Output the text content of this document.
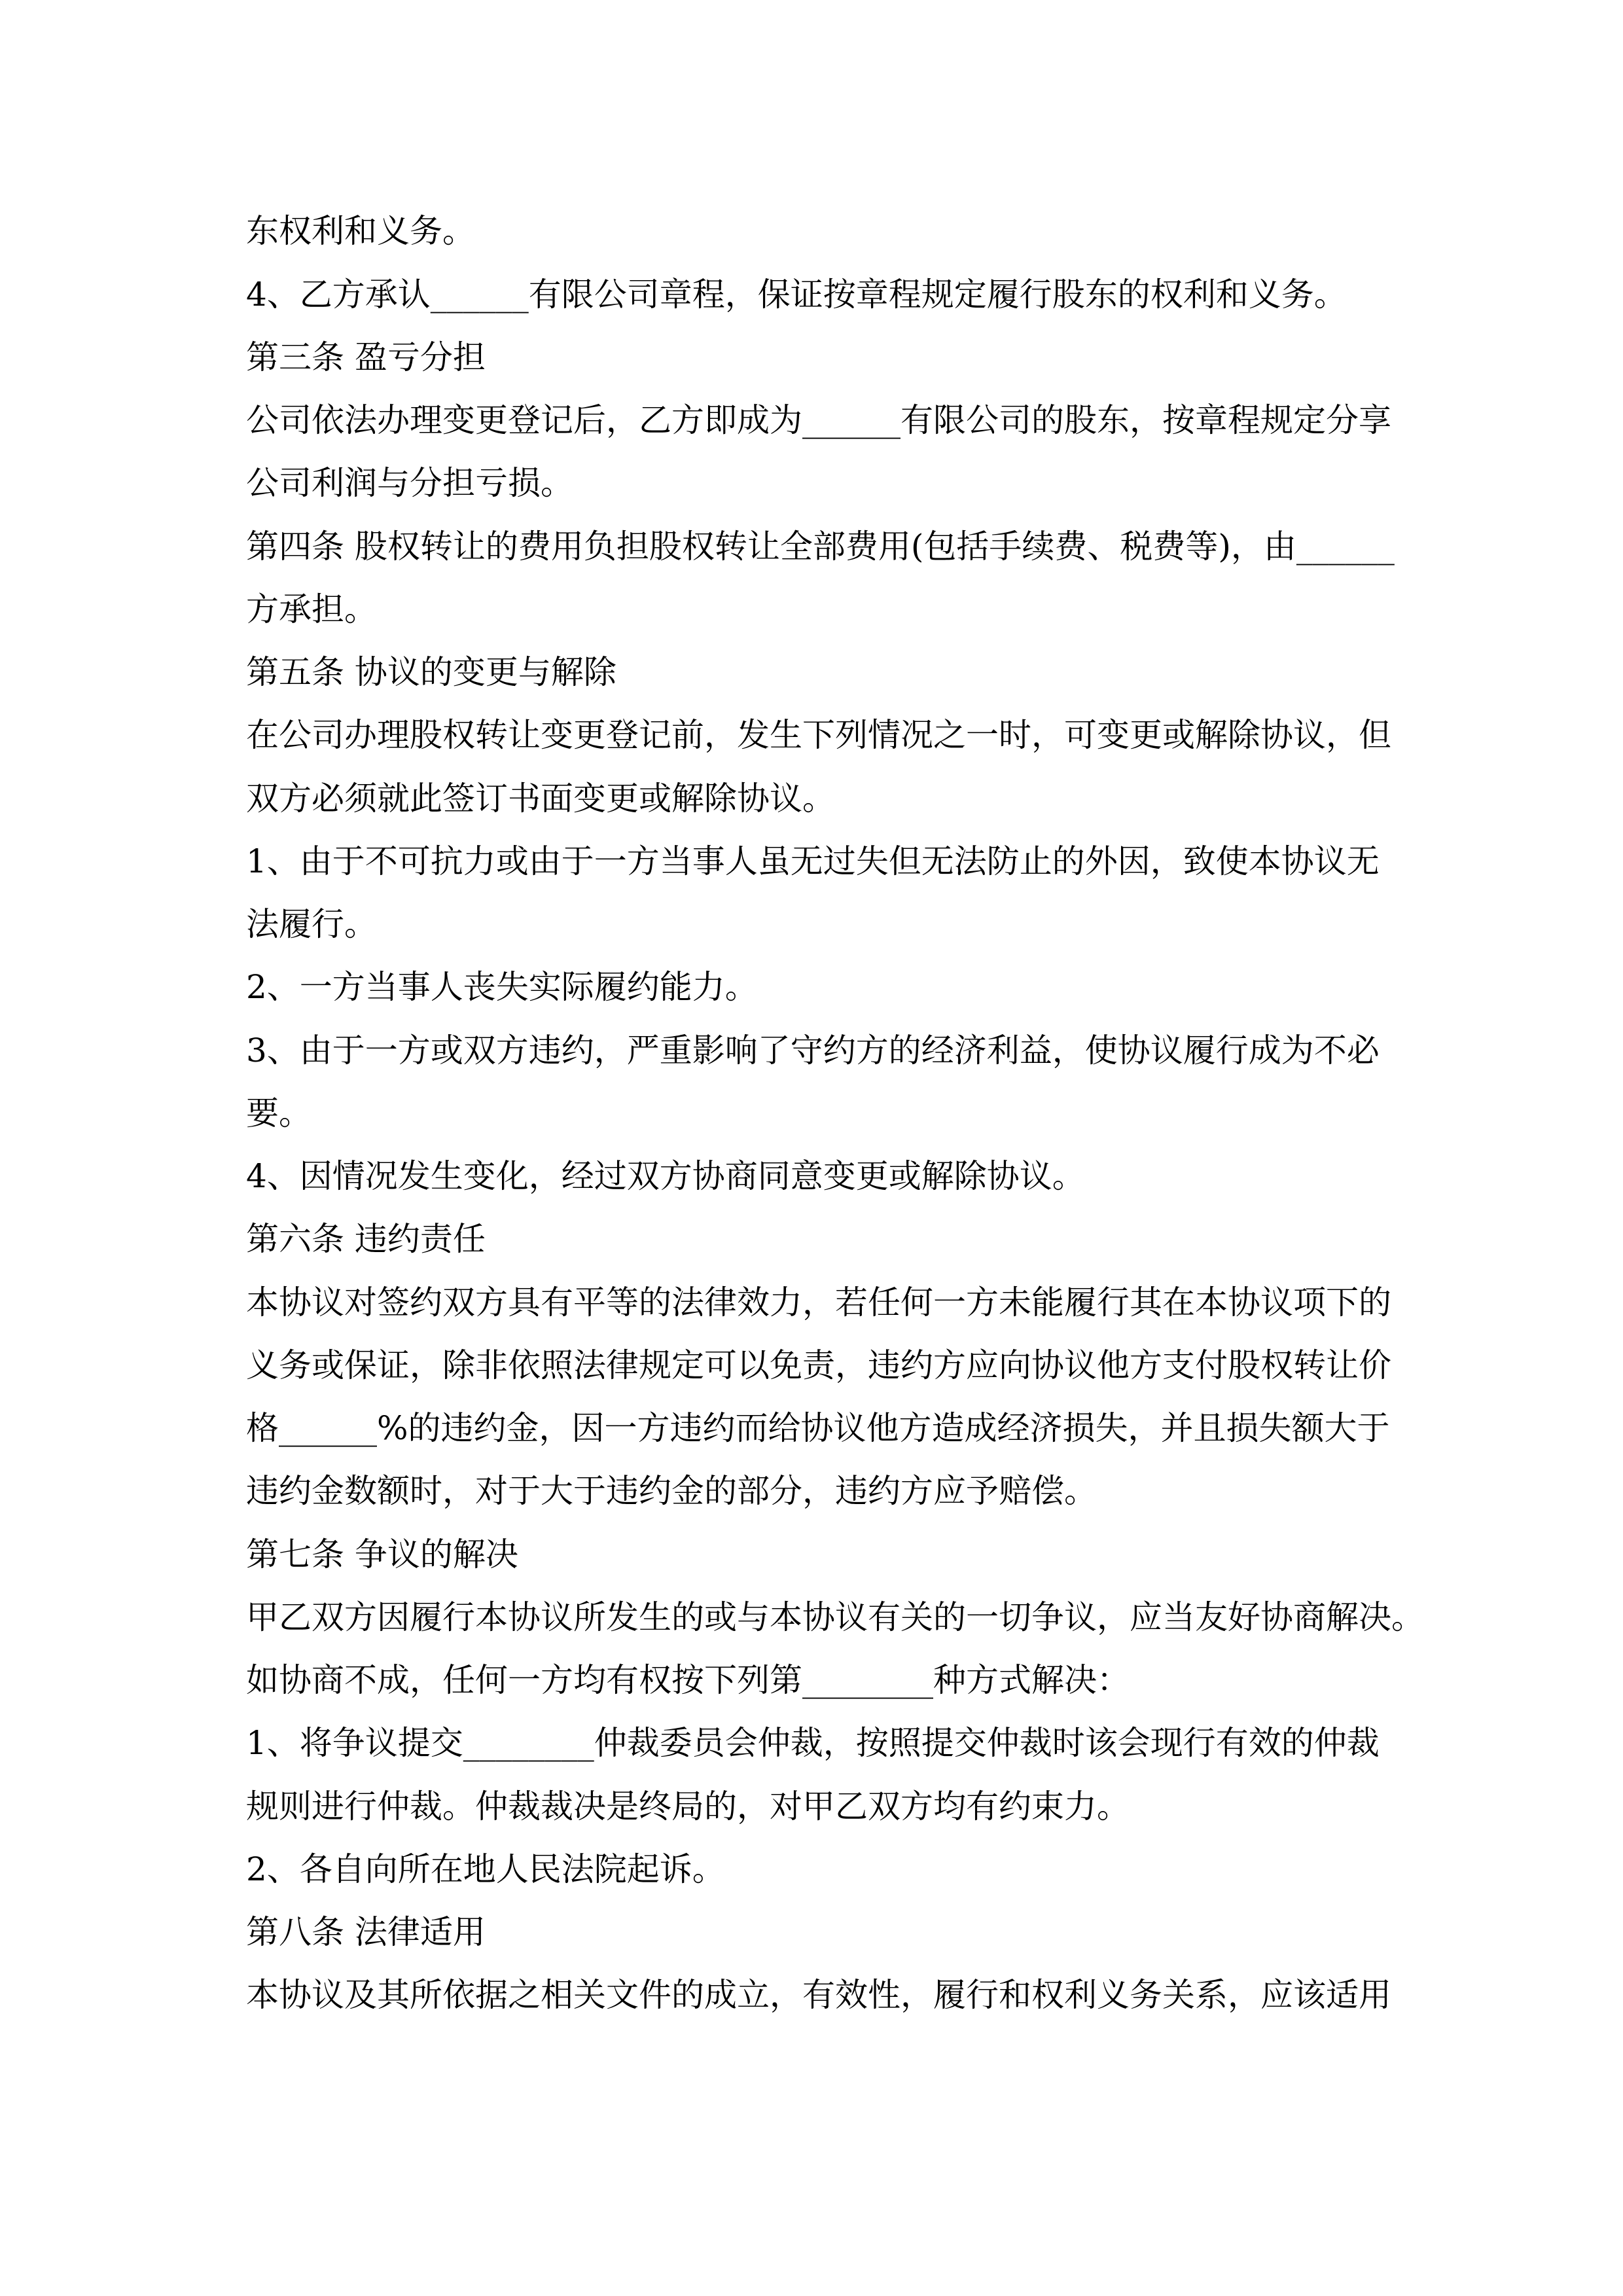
东权利和义务。
4、乙方承认______有限公司章程，保证按章程规定履行股东的权利和义务。
第三条 盈亏分担
公司依法办理变更登记后，乙方即成为______有限公司的股东，按章程规定分享
公司利润与分担亏损。
第四条 股权转让的费用负担股权转让全部费用(包括手续费、税费等)，由______
方承担。
第五条 协议的变更与解除
在公司办理股权转让变更登记前，发生下列情况之一时，可变更或解除协议，但
双方必须就此签订书面变更或解除协议。
1、由于不可抗力或由于一方当事人虽无过失但无法防止的外因，致使本协议无
法履行。
2、一方当事人丧失实际履约能力。
3、由于一方或双方违约，严重影响了守约方的经济利益，使协议履行成为不必
要。
4、因情况发生变化，经过双方协商同意变更或解除协议。
第六条 违约责任
本协议对签约双方具有平等的法律效力，若任何一方未能履行其在本协议项下的
义务或保证，除非依照法律规定可以免责，违约方应向协议他方支付股权转让价
格______%的违约金，因一方违约而给协议他方造成经济损失，并且损失额大于
违约金数额时，对于大于违约金的部分，违约方应予赔偿。
第七条 争议的解决
甲乙双方因履行本协议所发生的或与本协议有关的一切争议，应当友好协商解决。
如协商不成，任何一方均有权按下列第________种方式解决：
1、将争议提交________仲裁委员会仲裁，按照提交仲裁时该会现行有效的仲裁
规则进行仲裁。仲裁裁决是终局的，对甲乙双方均有约束力。
2、各自向所在地人民法院起诉。
第八条 法律适用
本协议及其所依据之相关文件的成立，有效性，履行和权利义务关系，应该适用
